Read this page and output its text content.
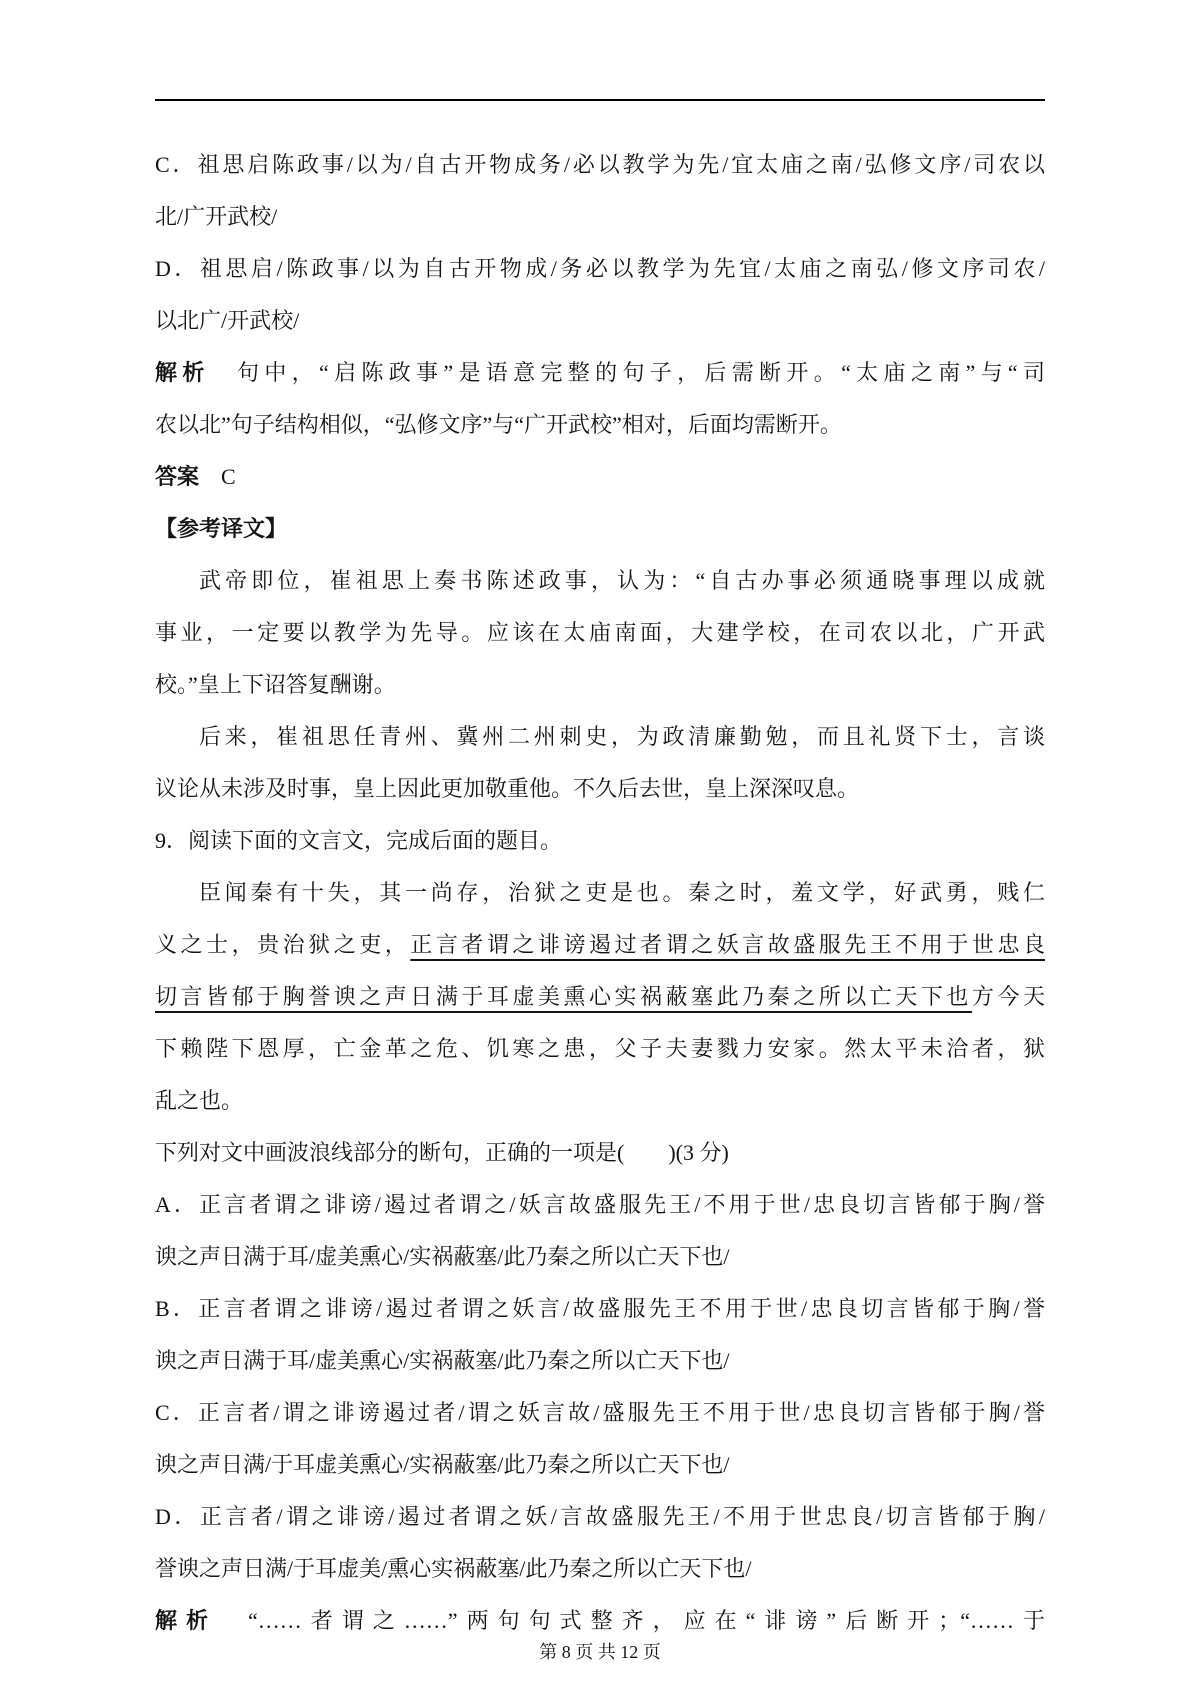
C．祖思启陈政事/以为/自古开物成务/必以教学为先/宜太庙之南/弘修文序/司农以
北/广开武校/
D．祖思启/陈政事/以为自古开物成/务必以教学为先宜/太庙之南弘/修文序司农/
以北广/开武校/
解析　句中，“启陈政事”是语意完整的句子，后需断开。“太庙之南”与“司
农以北”句子结构相似，“弘修文序”与“广开武校”相对，后面均需断开。
答案　C
【参考译文】
武帝即位，崔祖思上奏书陈述政事，认为：“自古办事必须通晓事理以成就
事业，一定要以教学为先导。应该在太庙南面，大建学校，在司农以北，广开武
校。”皇上下诏答复酬谢。
后来，崔祖思任青州、冀州二州刺史，为政清廉勤勉，而且礼贤下士，言谈
议论从未涉及时事，皇上因此更加敬重他。不久后去世，皇上深深叹息。
9．阅读下面的文言文，完成后面的题目。
臣闻秦有十失，其一尚存，治狱之吏是也。秦之时，羞文学，好武勇，贱仁
义之士，贵治狱之吏，正言者谓之诽谤遏过者谓之妖言故盛服先王不用于世忠良
切言皆郁于胸誉谀之声日满于耳虚美熏心实祸蔽塞此乃秦之所以亡天下也方今天
下赖陛下恩厚，亡金革之危、饥寒之患，父子夫妻戮力安家。然太平未洽者，狱
乱之也。
下列对文中画波浪线部分的断句，正确的一项是(　　)(3 分)
A．正言者谓之诽谤/遏过者谓之/妖言故盛服先王/不用于世/忠良切言皆郁于胸/誉
谀之声日满于耳/虚美熏心/实祸蔽塞/此乃秦之所以亡天下也/
B．正言者谓之诽谤/遏过者谓之妖言/故盛服先王不用于世/忠良切言皆郁于胸/誉
谀之声日满于耳/虚美熏心/实祸蔽塞/此乃秦之所以亡天下也/
C．正言者/谓之诽谤遏过者/谓之妖言故/盛服先王不用于世/忠良切言皆郁于胸/誉
谀之声日满/于耳虚美熏心/实祸蔽塞/此乃秦之所以亡天下也/
D．正言者/谓之诽谤/遏过者谓之妖/言故盛服先王/不用于世忠良/切言皆郁于胸/
誉谀之声日满/于耳虚美/熏心实祸蔽塞/此乃秦之所以亡天下也/
解析　“……者谓之……”两句句式整齐，应在“诽谤”后断开；“……于
第 8 页 共 12 页
